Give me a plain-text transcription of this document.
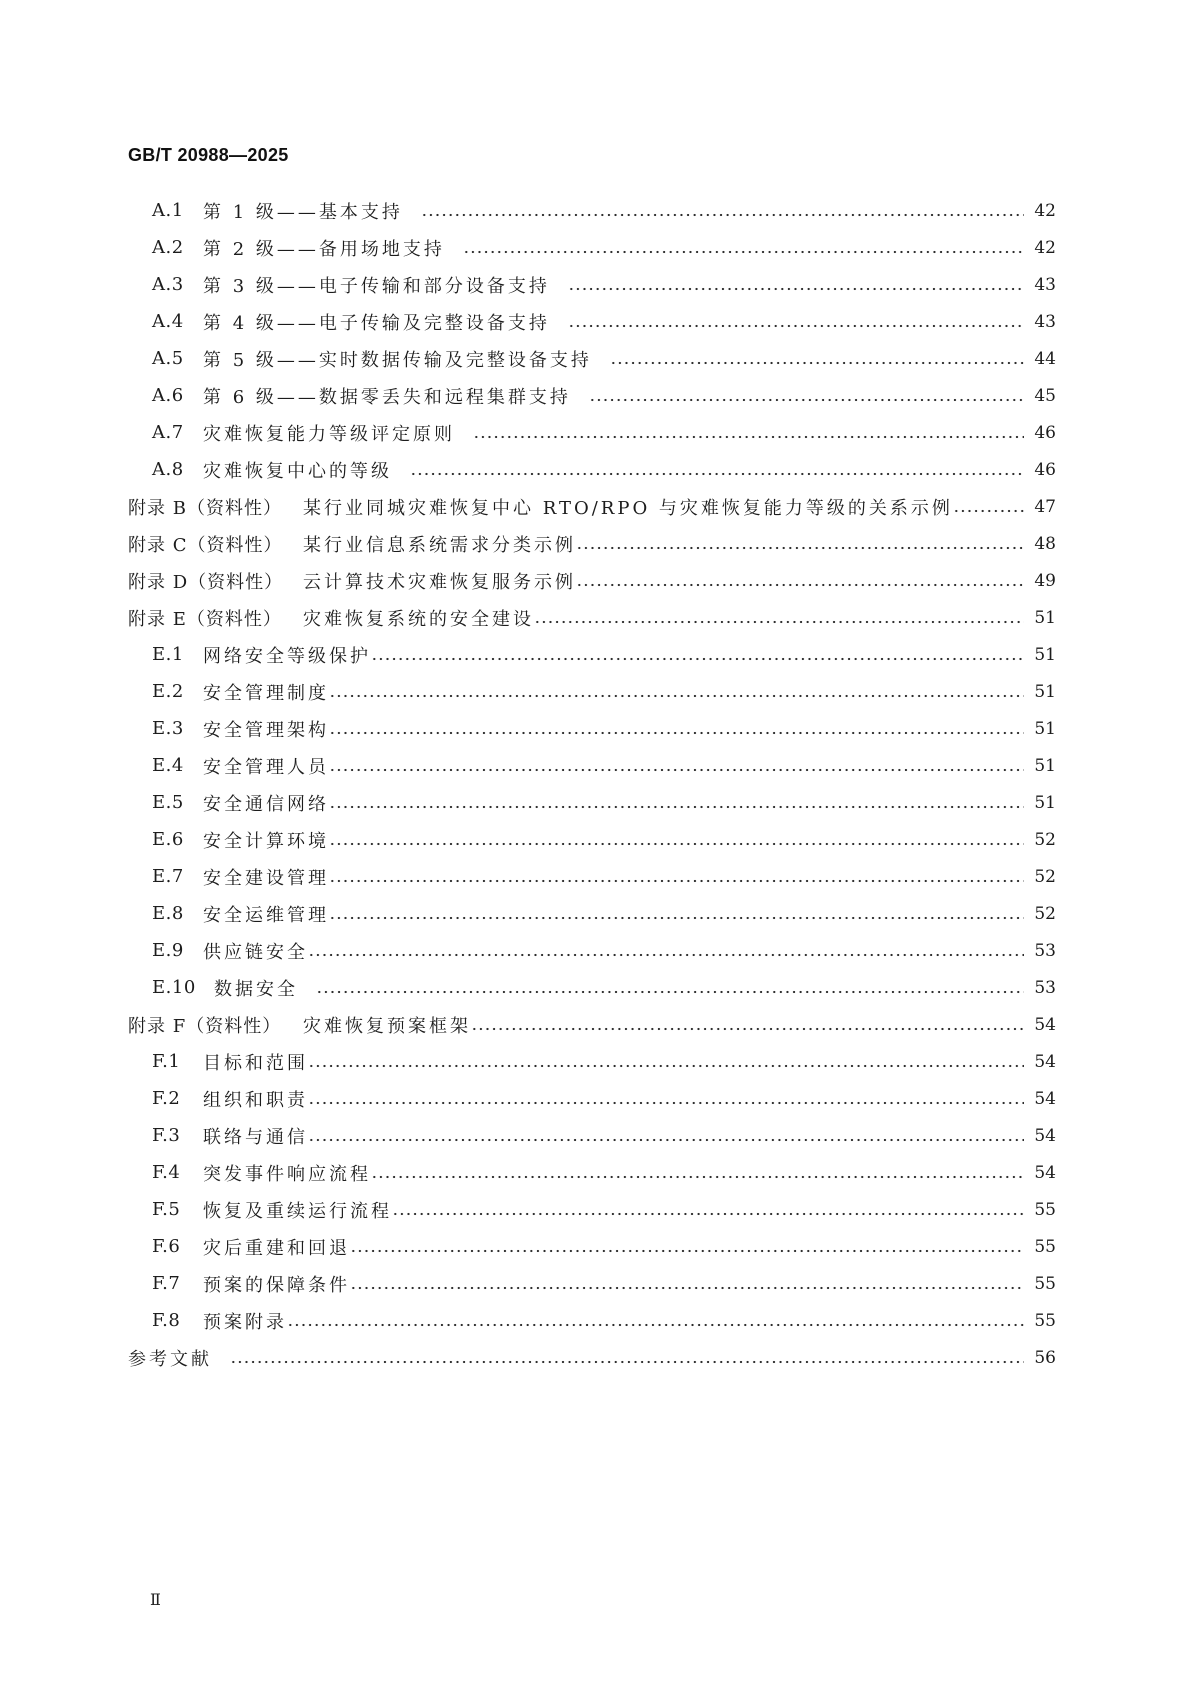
GB/T 20988—2025
A.1	第 1 级——基本支持	42
A.2	第 2 级——备用场地支持	42
A.3	第 3 级——电子传输和部分设备支持	43
A.4	第 4 级——电子传输及完整设备支持	43
A.5	第 5 级——实时数据传输及完整设备支持	44
A.6	第 6 级——数据零丢失和远程集群支持	45
A.7	灾难恢复能力等级评定原则	46
A.8	灾难恢复中心的等级	46
附录 B（资料性）	某行业同城灾难恢复中心 RTO/RPO 与灾难恢复能力等级的关系示例	47
附录 C（资料性）	某行业信息系统需求分类示例	48
附录 D（资料性）	云计算技术灾难恢复服务示例	49
附录 E（资料性）	灾难恢复系统的安全建设	51
E.1	网络安全等级保护	51
E.2	安全管理制度	51
E.3	安全管理架构	51
E.4	安全管理人员	51
E.5	安全通信网络	51
E.6	安全计算环境	52
E.7	安全建设管理	52
E.8	安全运维管理	52
E.9	供应链安全	53
E.10	数据安全	53
附录 F（资料性）	灾难恢复预案框架	54
F.1	目标和范围	54
F.2	组织和职责	54
F.3	联络与通信	54
F.4	突发事件响应流程	54
F.5	恢复及重续运行流程	55
F.6	灾后重建和回退	55
F.7	预案的保障条件	55
F.8	预案附录	55
参考文献	56
Ⅱ
